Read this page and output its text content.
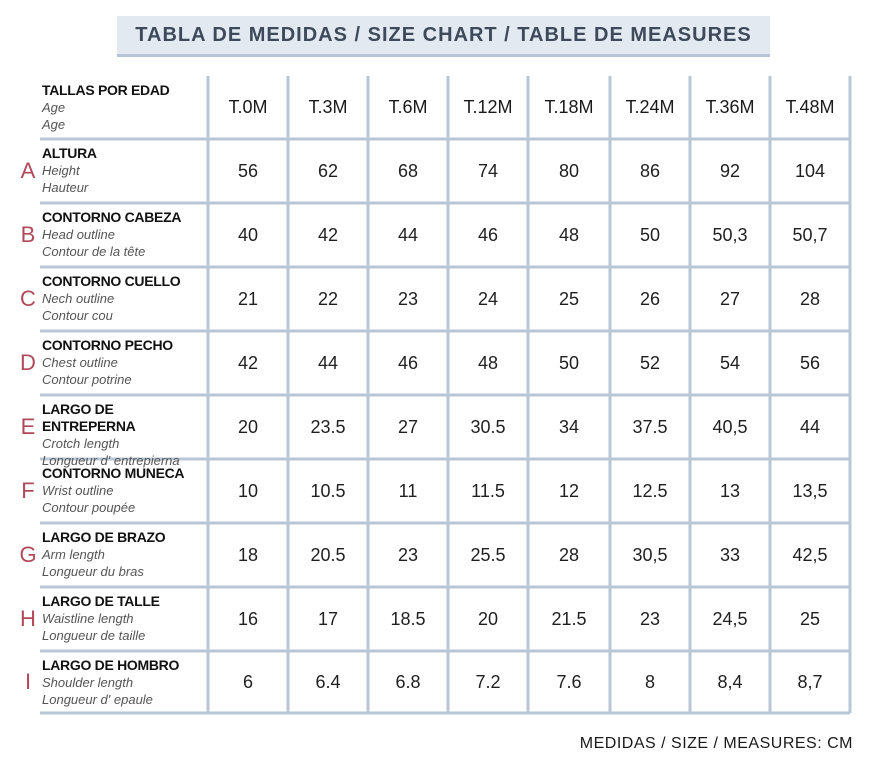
TABLA DE MEDIDAS / SIZE CHART / TABLE DE MEASURES
TALLAS POR EDAD
Age
Age
T.0M	T.3M	T.6M	T.12M	T.18M	T.24M	T.36M	T.48M
A
ALTURA
Height
Hauteur
56	62	68	74	80	86	92	104
B
CONTORNO CABEZA
Head outline
Contour de la tête
40	42	44	46	48	50	50,3	50,7
C
CONTORNO CUELLO
Nech outline
Contour cou
21	22	23	24	25	26	27	28
D
CONTORNO PECHO
Chest outline
Contour potrine
42	44	46	48	50	52	54	56
E
LARGO DE ENTREPERNA
Crotch length
Longueur d' entrepierna
20	23.5	27	30.5	34	37.5	40,5	44
F
CONTORNO MUNECA
Wrist outline
Contour poupée
10	10.5	11	11.5	12	12.5	13	13,5
G
LARGO DE BRAZO
Arm length
Longueur du bras
18	20.5	23	25.5	28	30,5	33	42,5
H
LARGO DE TALLE
Waistline length
Longueur de taille
16	17	18.5	20	21.5	23	24,5	25
I
LARGO DE HOMBRO
Shoulder length
Longueur d' epaule
6	6.4	6.8	7.2	7.6	8	8,4	8,7
MEDIDAS / SIZE / MEASURES: CM
